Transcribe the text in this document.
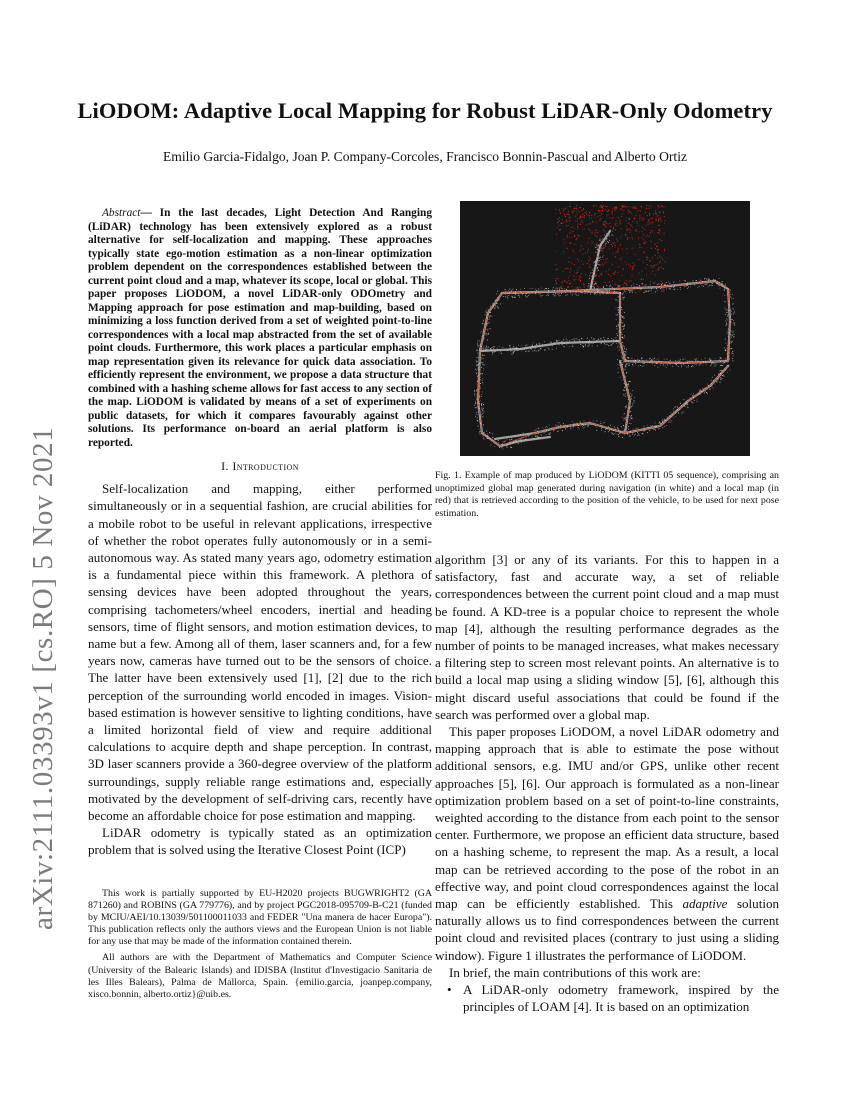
LiODOM: Adaptive Local Mapping for Robust LiDAR-Only Odometry
Emilio Garcia-Fidalgo, Joan P. Company-Corcoles, Francisco Bonnin-Pascual and Alberto Ortiz
arXiv:2111.03393v1 [cs.RO] 5 Nov 2021

Abstract— In the last decades, Light Detection And Ranging (LiDAR) technology has been extensively explored as a robust alternative for self-localization and mapping. These approaches typically state ego-motion estimation as a non-linear optimization problem dependent on the correspondences established between the current point cloud and a map, whatever its scope, local or global. This paper proposes LiODOM, a novel LiDAR-only ODOmetry and Mapping approach for pose estimation and map-building, based on minimizing a loss function derived from a set of weighted point-to-line correspondences with a local map abstracted from the set of available point clouds. Furthermore, this work places a particular emphasis on map representation given its relevance for quick data association. To efficiently represent the environment, we propose a data structure that combined with a hashing scheme allows for fast access to any section of the map. LiODOM is validated by means of a set of experiments on public datasets, for which it compares favourably against other solutions. Its performance on-board an aerial platform is also reported.

I. Introduction

Self-localization and mapping, either performed simultaneously or in a sequential fashion, are crucial abilities for a mobile robot to be useful in relevant applications, irrespective of whether the robot operates fully autonomously or in a semi-autonomous way. As stated many years ago, odometry estimation is a fundamental piece within this framework. A plethora of sensing devices have been adopted throughout the years, comprising tachometers/wheel encoders, inertial and heading sensors, time of flight sensors, and motion estimation devices, to name but a few. Among all of them, laser scanners and, for a few years now, cameras have turned out to be the sensors of choice. The latter have been extensively used [1], [2] due to the rich perception of the surrounding world encoded in images. Vision-based estimation is however sensitive to lighting conditions, have a limited horizontal field of view and require additional calculations to acquire depth and shape perception. In contrast, 3D laser scanners provide a 360-degree overview of the platform surroundings, supply reliable range estimations and, especially motivated by the development of self-driving cars, recently have become an affordable choice for pose estimation and mapping.

LiDAR odometry is typically stated as an optimization problem that is solved using the Iterative Closest Point (ICP)

This work is partially supported by EU-H2020 projects BUGWRIGHT2 (GA 871260) and ROBINS (GA 779776), and by project PGC2018-095709-B-C21 (funded by MCIU/AEI/10.13039/501100011033 and FEDER "Una manera de hacer Europa"). This publication reflects only the authors views and the European Union is not liable for any use that may be made of the information contained therein.

All authors are with the Department of Mathematics and Computer Science (University of the Balearic Islands) and IDISBA (Institut d'Investigacio Sanitaria de les Illes Balears), Palma de Mallorca, Spain. {emilio.garcia, joanpep.company, xisco.bonnin, alberto.ortiz}@uib.es.

Fig. 1. Example of map produced by LiODOM (KITTI 05 sequence), comprising an unoptimized global map generated during navigation (in white) and a local map (in red) that is retrieved according to the position of the vehicle, to be used for next pose estimation.

algorithm [3] or any of its variants. For this to happen in a satisfactory, fast and accurate way, a set of reliable correspondences between the current point cloud and a map must be found. A KD-tree is a popular choice to represent the whole map [4], although the resulting performance degrades as the number of points to be managed increases, what makes necessary a filtering step to screen most relevant points. An alternative is to build a local map using a sliding window [5], [6], although this might discard useful associations that could be found if the search was performed over a global map.

This paper proposes LiODOM, a novel LiDAR odometry and mapping approach that is able to estimate the pose without additional sensors, e.g. IMU and/or GPS, unlike other recent approaches [5], [6]. Our approach is formulated as a non-linear optimization problem based on a set of point-to-line constraints, weighted according to the distance from each point to the sensor center. Furthermore, we propose an efficient data structure, based on a hashing scheme, to represent the map. As a result, a local map can be retrieved according to the pose of the robot in an effective way, and point cloud correspondences against the local map can be efficiently established. This adaptive solution naturally allows us to find correspondences between the current point cloud and revisited places (contrary to just using a sliding window). Figure 1 illustrates the performance of LiODOM.

In brief, the main contributions of this work are:

• A LiDAR-only odometry framework, inspired by the principles of LOAM [4]. It is based on an optimization
